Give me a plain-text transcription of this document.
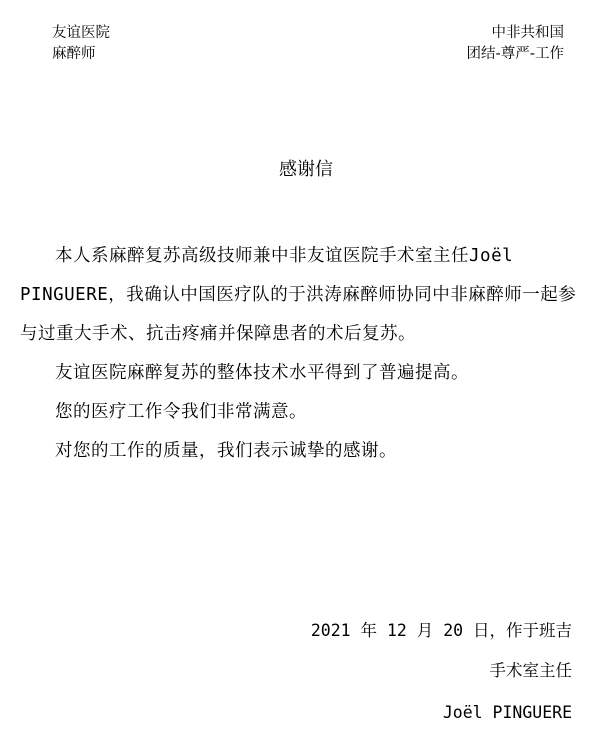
友谊医院
麻醉师
中非共和国
团结-尊严-工作
感谢信

本人系麻醉复苏高级技师兼中非友谊医院手术室主任Joël PINGUERE，我确认中国医疗队的于洪涛麻醉师协同中非麻醉师一起参与过重大手术、抗击疼痛并保障患者的术后复苏。

友谊医院麻醉复苏的整体技术水平得到了普遍提高。

您的医疗工作令我们非常满意。

对您的工作的质量，我们表示诚挚的感谢。

2021 年 12 月 20 日，作于班吉
手术室主任
Joël PINGUERE
